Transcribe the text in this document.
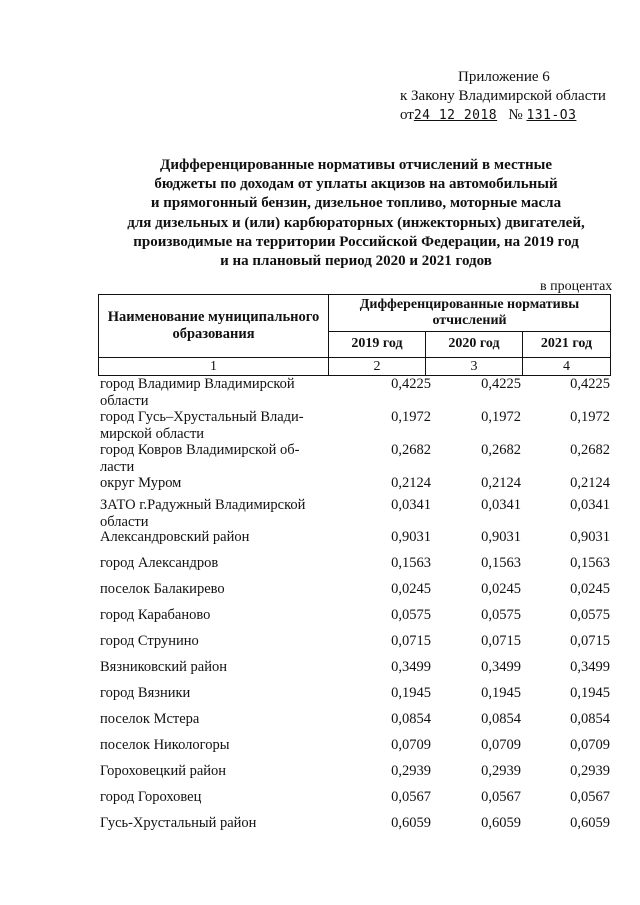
Приложение 6
к Закону Владимирской области
от24 12 2018 № 131-ОЗ
Дифференцированные нормативы отчислений в местные
бюджеты по доходам от уплаты акцизов на автомобильный
и прямогонный бензин, дизельное топливо, моторные масла
для дизельных и (или) карбюраторных (инжекторных) двигателей,
производимые на территории Российской Федерации, на 2019 год
и на плановый период 2020 и 2021 годов
в процентах
Наименование муниципального образования	Дифференцированные нормативы отчислений		
	2019 год	2020 год	2021 год
1	2	3	4
город Владимир Владимирской
области
0,4225	0,4225	0,4225
город Гусь–Хрустальный Влади-
мирской области
0,1972	0,1972	0,1972
город Ковров Владимирской об-
ласти
0,2682	0,2682	0,2682
округ Муром	0,2124	0,2124	0,2124
ЗАТО г.Радужный Владимирской
области
0,0341	0,0341	0,0341
Александровский район	0,9031	0,9031	0,9031
город Александров	0,1563	0,1563	0,1563
поселок Балакирево	0,0245	0,0245	0,0245
город Карабаново	0,0575	0,0575	0,0575
город Струнино	0,0715	0,0715	0,0715
Вязниковский район	0,3499	0,3499	0,3499
город Вязники	0,1945	0,1945	0,1945
поселок Мстера	0,0854	0,0854	0,0854
поселок Никологоры	0,0709	0,0709	0,0709
Гороховецкий район	0,2939	0,2939	0,2939
город Гороховец	0,0567	0,0567	0,0567
Гусь-Хрустальный район	0,6059	0,6059	0,6059
